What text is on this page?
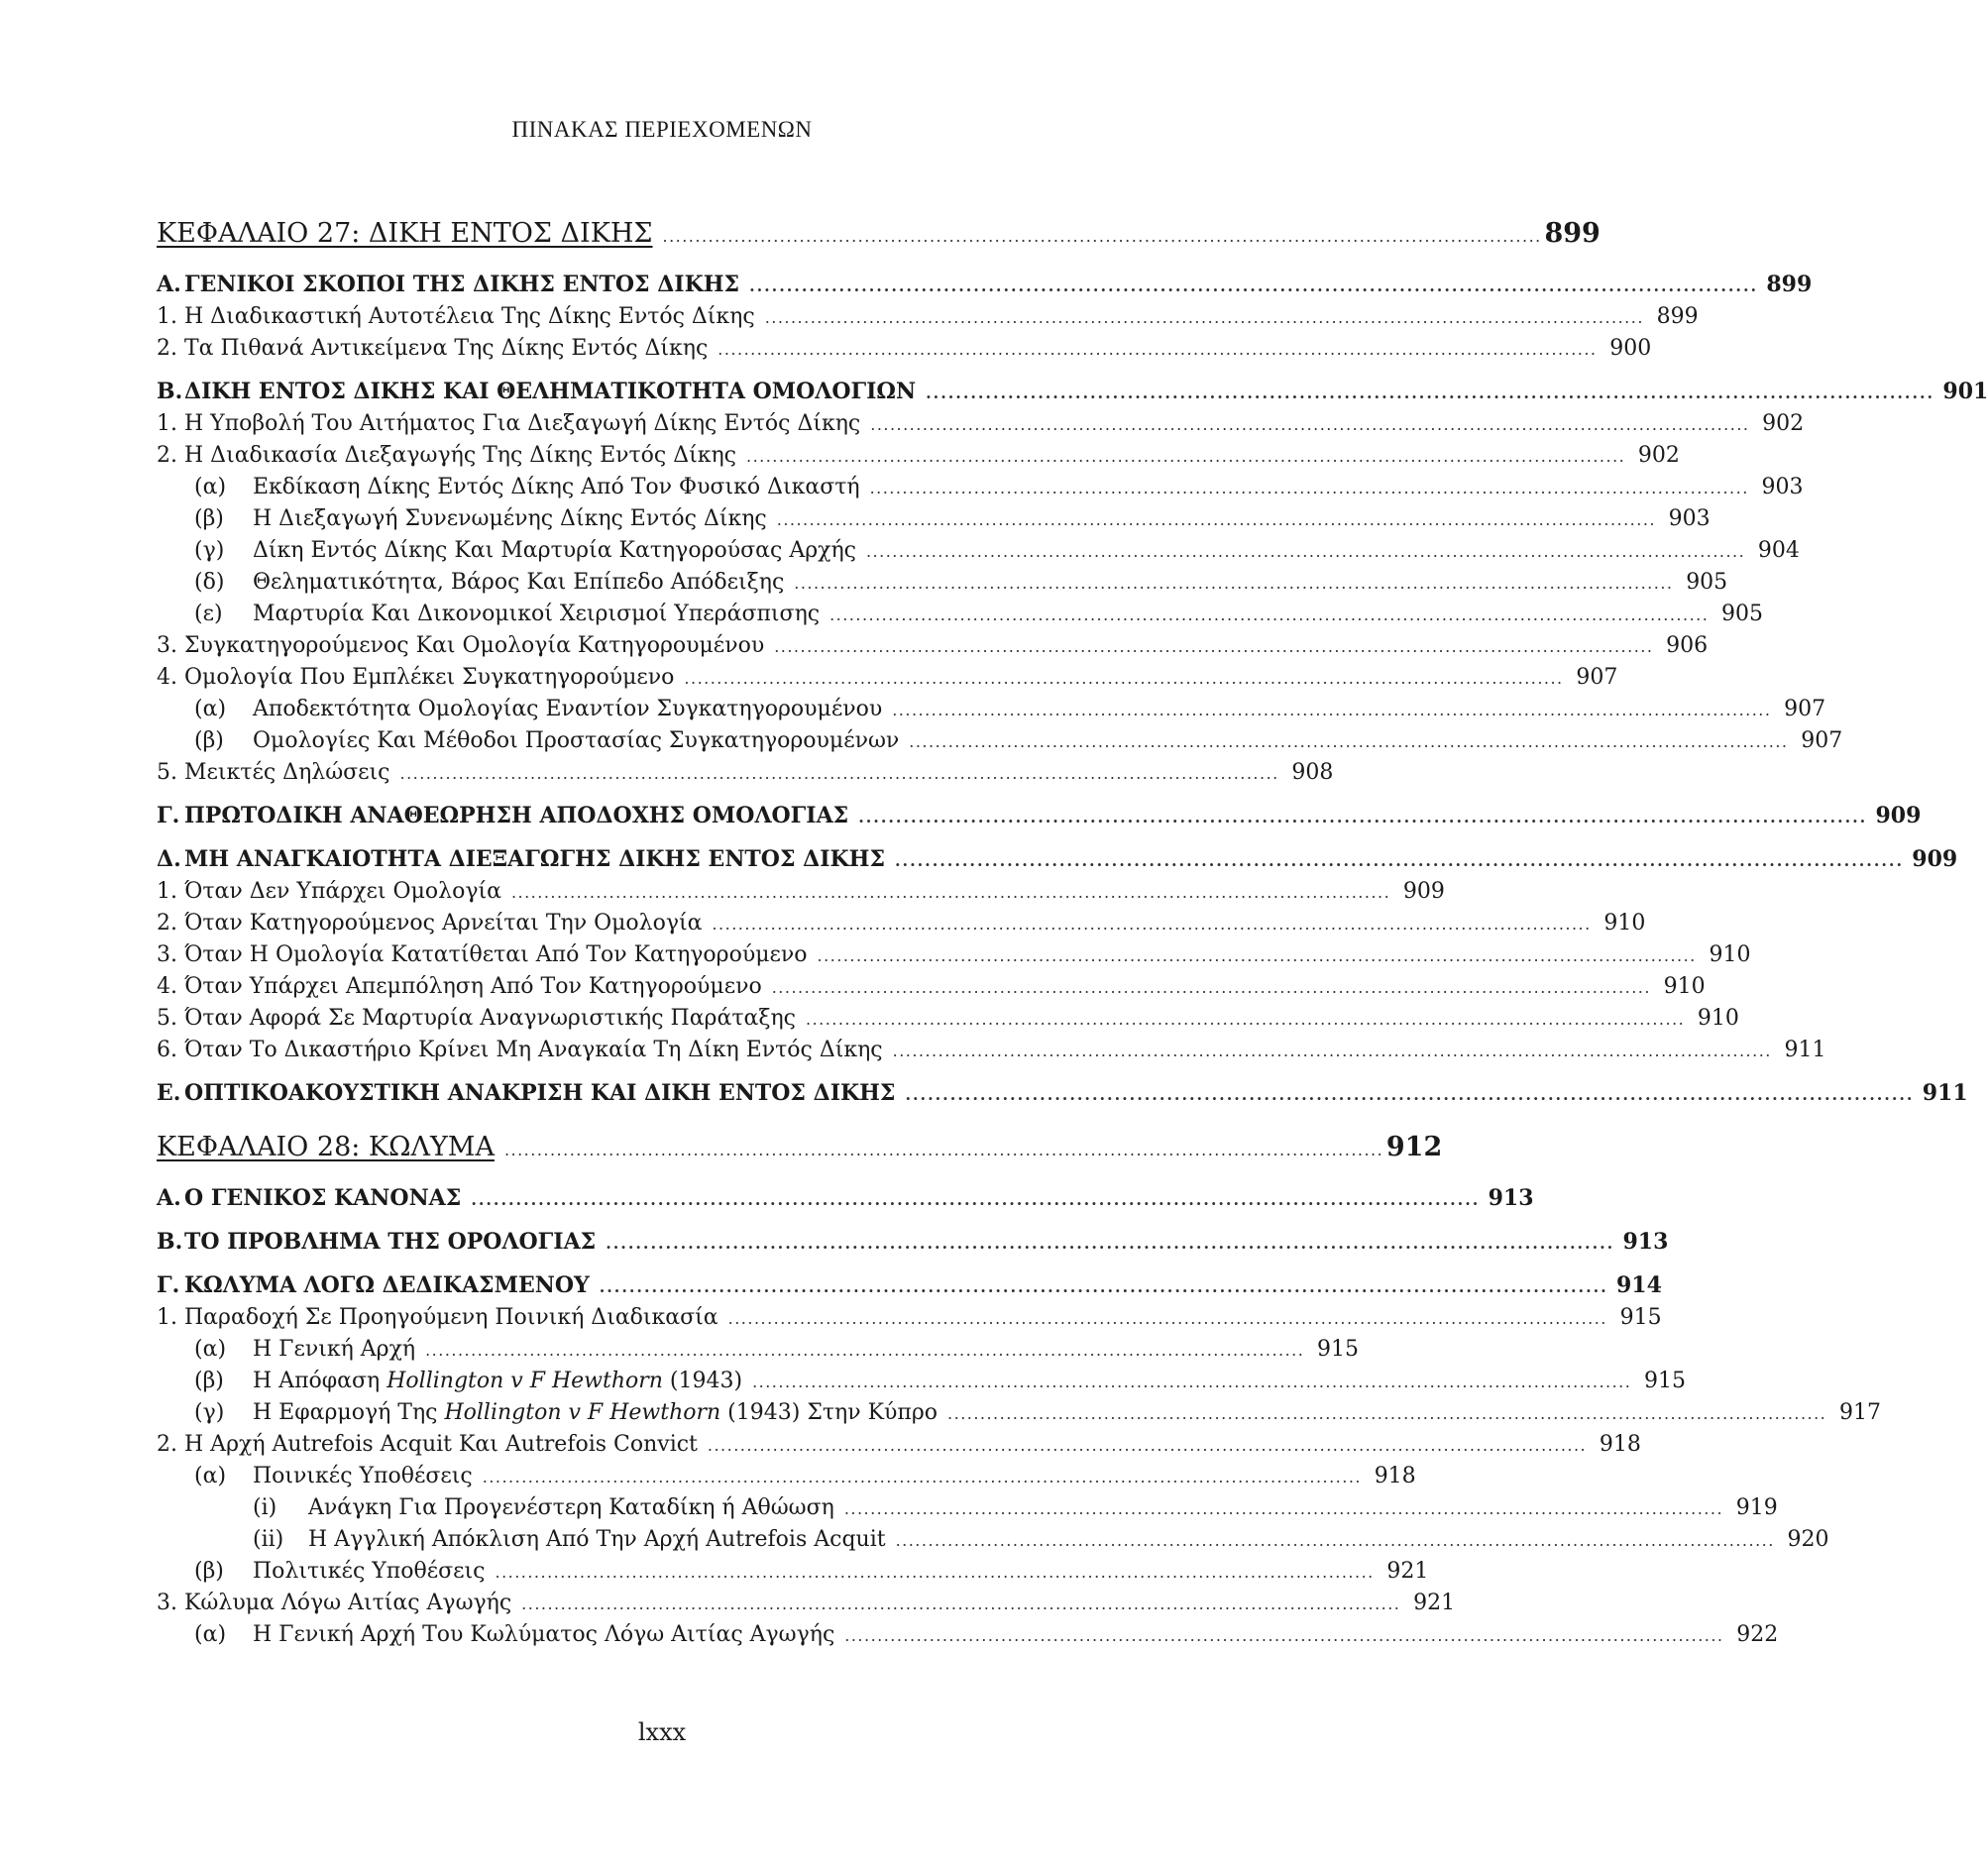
ΠΙΝΑΚΑΣ ΠΕΡΙΕΧΟΜΕΝΩΝ
ΚΕΦΑΛΑΙΟ 27: ΔΙΚΗ ΕΝΤΟΣ ΔΙΚΗΣ . . .	899
Α. ΓΕΝΙΚΟΙ ΣΚΟΠΟΙ ΤΗΣ ΔΙΚΗΣ ΕΝΤΟΣ ΔΙΚΗΣ . . .	899
1. Η Διαδικαστική Αυτοτέλεια Της Δίκης Εντός Δίκης . . .	899
2. Τα Πιθανά Αντικείμενα Της Δίκης Εντός Δίκης . . .	900
Β. ΔΙΚΗ ΕΝΤΟΣ ΔΙΚΗΣ ΚΑΙ ΘΕΛΗΜΑΤΙΚΟΤΗΤΑ ΟΜΟΛΟΓΙΩΝ . . .	901
1. Η Υποβολή Του Αιτήματος Για Διεξαγωγή Δίκης Εντός Δίκης . . .	902
2. Η Διαδικασία Διεξαγωγής Της Δίκης Εντός Δίκης . . .	902
(α)	Εκδίκαση Δίκης Εντός Δίκης Από Τον Φυσικό Δικαστή . . .	903
(β)	Η Διεξαγωγή Συνενωμένης Δίκης Εντός Δίκης . . .	903
(γ)	Δίκη Εντός Δίκης Και Μαρτυρία Κατηγορούσας Αρχής . . .	904
(δ)	Θεληματικότητα, Βάρος Και Επίπεδο Απόδειξης . . .	905
(ε)	Μαρτυρία Και Δικονομικοί Χειρισμοί Υπεράσπισης . . .	905
3. Συγκατηγορούμενος Και Ομολογία Κατηγορουμένου . . .	906
4. Ομολογία Που Εμπλέκει Συγκατηγορούμενο . . .	907
(α)	Αποδεκτότητα Ομολογίας Εναντίον Συγκατηγορουμένου . . .	907
(β)	Ομολογίες Και Μέθοδοι Προστασίας Συγκατηγορουμένων . . .	907
5. Μεικτές Δηλώσεις . . .	908
Γ. ΠΡΩΤΟΔΙΚΗ ΑΝΑΘΕΩΡΗΣΗ ΑΠΟΔΟΧΗΣ ΟΜΟΛΟΓΙΑΣ . . .	909
Δ. ΜΗ ΑΝΑΓΚΑΙΟΤΗΤΑ ΔΙΕΞΑΓΩΓΗΣ ΔΙΚΗΣ ΕΝΤΟΣ ΔΙΚΗΣ . . .	909
1. Όταν Δεν Υπάρχει Ομολογία . . .	909
2. Όταν Κατηγορούμενος Αρνείται Την Ομολογία . . .	910
3. Όταν Η Ομολογία Κατατίθεται Από Τον Κατηγορούμενο . . .	910
4. Όταν Υπάρχει Απεμπόληση Από Τον Κατηγορούμενο . . .	910
5. Όταν Αφορά Σε Μαρτυρία Αναγνωριστικής Παράταξης . . .	910
6. Όταν Το Δικαστήριο Κρίνει Μη Αναγκαία Τη Δίκη Εντός Δίκης . . .	911
Ε. ΟΠΤΙΚΟΑΚΟΥΣΤΙΚΗ ΑΝΑΚΡΙΣΗ ΚΑΙ ΔΙΚΗ ΕΝΤΟΣ ΔΙΚΗΣ . . .	911
ΚΕΦΑΛΑΙΟ 28: ΚΩΛΥΜΑ . . .	912
Α. Ο ΓΕΝΙΚΟΣ ΚΑΝΟΝΑΣ . . .	913
Β. ΤΟ ΠΡΟΒΛΗΜΑ ΤΗΣ ΟΡΟΛΟΓΙΑΣ . . .	913
Γ. ΚΩΛΥΜΑ ΛΟΓΩ ΔΕΔΙΚΑΣΜΕΝΟΥ . . .	914
1. Παραδοχή Σε Προηγούμενη Ποινική Διαδικασία . . .	915
(α)	Η Γενική Αρχή . . .	915
(β)	Η Απόφαση Hollington v F Hewthorn (1943) . . .	915
(γ)	Η Εφαρμογή Της Hollington v F Hewthorn (1943) Στην Κύπρο . . .	917
2. Η Αρχή Autrefois Acquit Και Autrefois Convict . . .	918
(α)	Ποινικές Υποθέσεις . . .	918
(i)	Ανάγκη Για Προγενέστερη Καταδίκη ή Αθώωση . . .	919
(ii)	Η Αγγλική Απόκλιση Από Την Αρχή Autrefois Acquit . . .	920
(β)	Πολιτικές Υποθέσεις . . .	921
3. Κώλυμα Λόγω Αιτίας Αγωγής . . .	921
(α)	Η Γενική Αρχή Του Κωλύματος Λόγω Αιτίας Αγωγής . . .	922
lxxx
